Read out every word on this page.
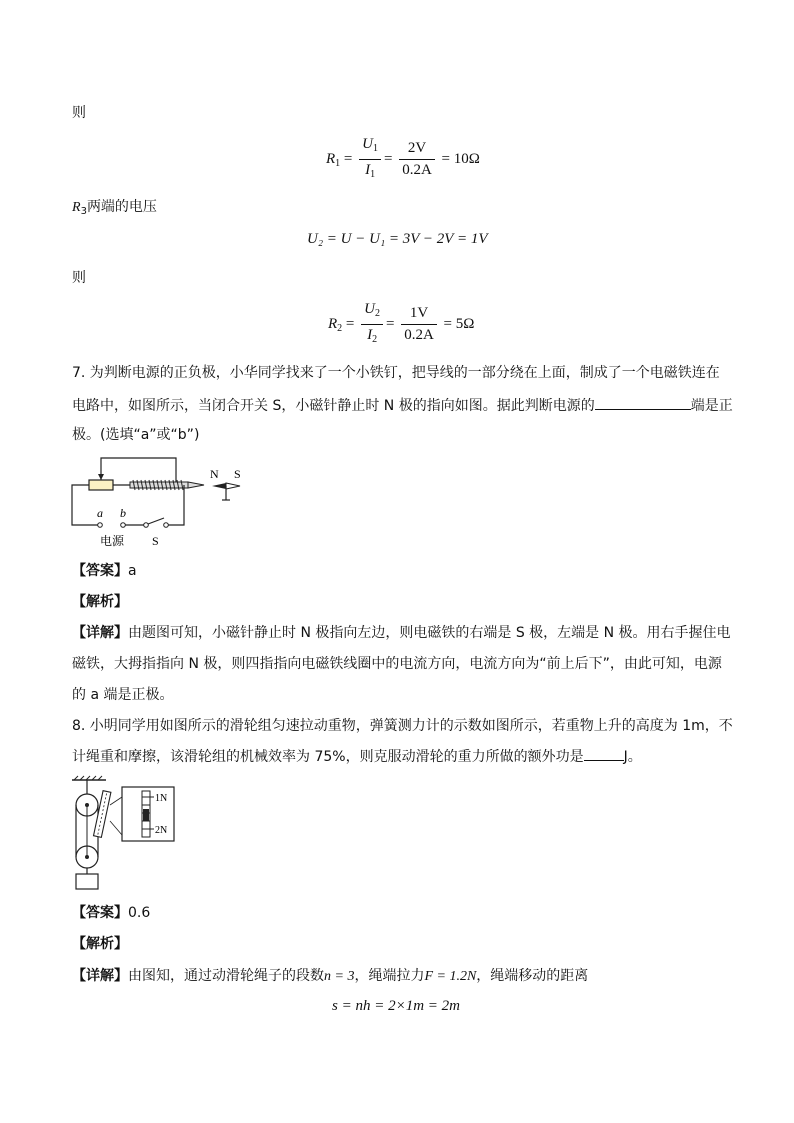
则
$R_1 = \frac{U_1}{I_1} = \frac{2V}{0.2A} = 10\Omega$
$R_3$两端的电压
U₂ = U − U₁ = 3V − 2V = 1V
则
$R_2 = \frac{U_2}{I_2} = \frac{1V}{0.2A} = 5\Omega$
7. 为判断电源的正负极，小华同学找来了一个小铁钉，把导线的一部分绕在上面，制成了一个电磁铁连在
电路中，如图所示，当闭合开关 S，小磁针静止时 N 极的指向如图。据此判断电源的	端是正
极。(选填“a”或“b”)
N S
a b
电源 S
【答案】a
【解析】
【详解】由题图可知，小磁针静止时 N 极指向左边，则电磁铁的右端是 S 极，左端是 N 极。用右手握住电
磁铁，大拇指指向 N 极，则四指指向电磁铁线圈中的电流方向，电流方向为“前上后下”，由此可知，电源
的 a 端是正极。
8. 小明同学用如图所示的滑轮组匀速拉动重物，弹簧测力计的示数如图所示，若重物上升的高度为 1m，不
计绳重和摩擦，该滑轮组的机械效率为 75%，则克服动滑轮的重力所做的额外功是	J。
1N
2N
【答案】0.6
【解析】
【详解】由图知，通过动滑轮绳子的段数n = 3，绳端拉力F = 1.2N，绳端移动的距离
s = nh = 2×1m = 2m
